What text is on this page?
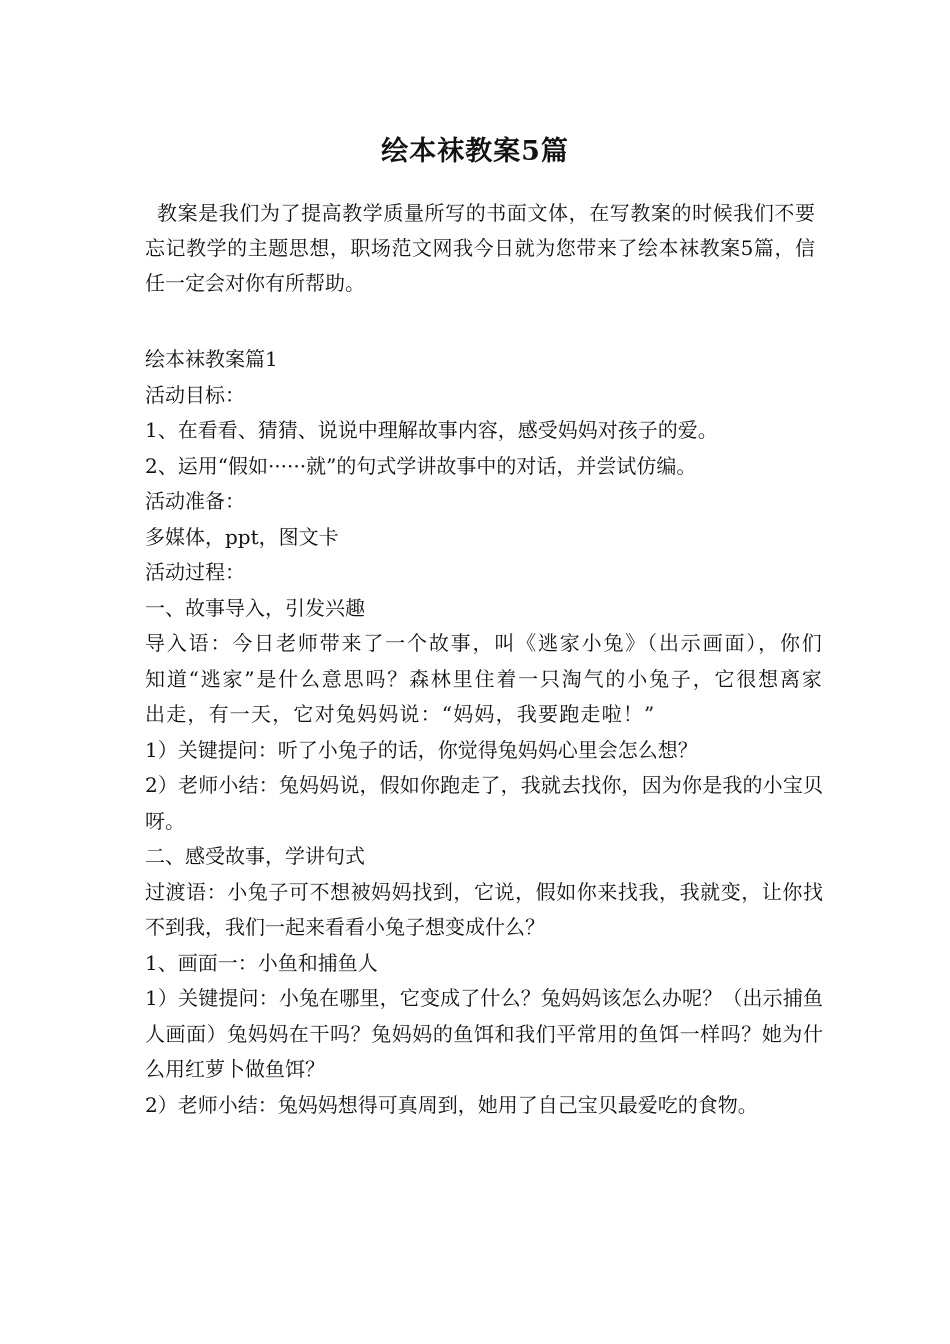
绘本袜教案5篇

教案是我们为了提高教学质量所写的书面文体，在写教案的时候我们不要忘记教学的主题思想，职场范文网我今日就为您带来了绘本袜教案5篇，信任一定会对你有所帮助。

绘本袜教案篇1

活动目标：

1、在看看、猜猜、说说中理解故事内容，感受妈妈对孩子的爱。

2、运用“假如······就”的句式学讲故事中的对话，并尝试仿编。

活动准备：

多媒体，ppt，图文卡

活动过程：

一、故事导入，引发兴趣

导入语：今日老师带来了一个故事，叫《逃家小兔》（出示画面），你们知道“逃家”是什么意思吗？森林里住着一只淘气的小兔子，它很想离家出走，有一天，它对兔妈妈说：“妈妈，我要跑走啦！”

1）关键提问：听了小兔子的话，你觉得兔妈妈心里会怎么想？

2）老师小结：兔妈妈说，假如你跑走了，我就去找你，因为你是我的小宝贝呀。

二、感受故事，学讲句式

过渡语：小兔子可不想被妈妈找到，它说，假如你来找我，我就变，让你找不到我，我们一起来看看小兔子想变成什么？

1、画面一：小鱼和捕鱼人

1）关键提问：小兔在哪里，它变成了什么？兔妈妈该怎么办呢？（出示捕鱼人画面）兔妈妈在干吗？兔妈妈的鱼饵和我们平常用的鱼饵一样吗？她为什么用红萝卜做鱼饵？

2）老师小结：兔妈妈想得可真周到，她用了自己宝贝最爱吃的食物。
